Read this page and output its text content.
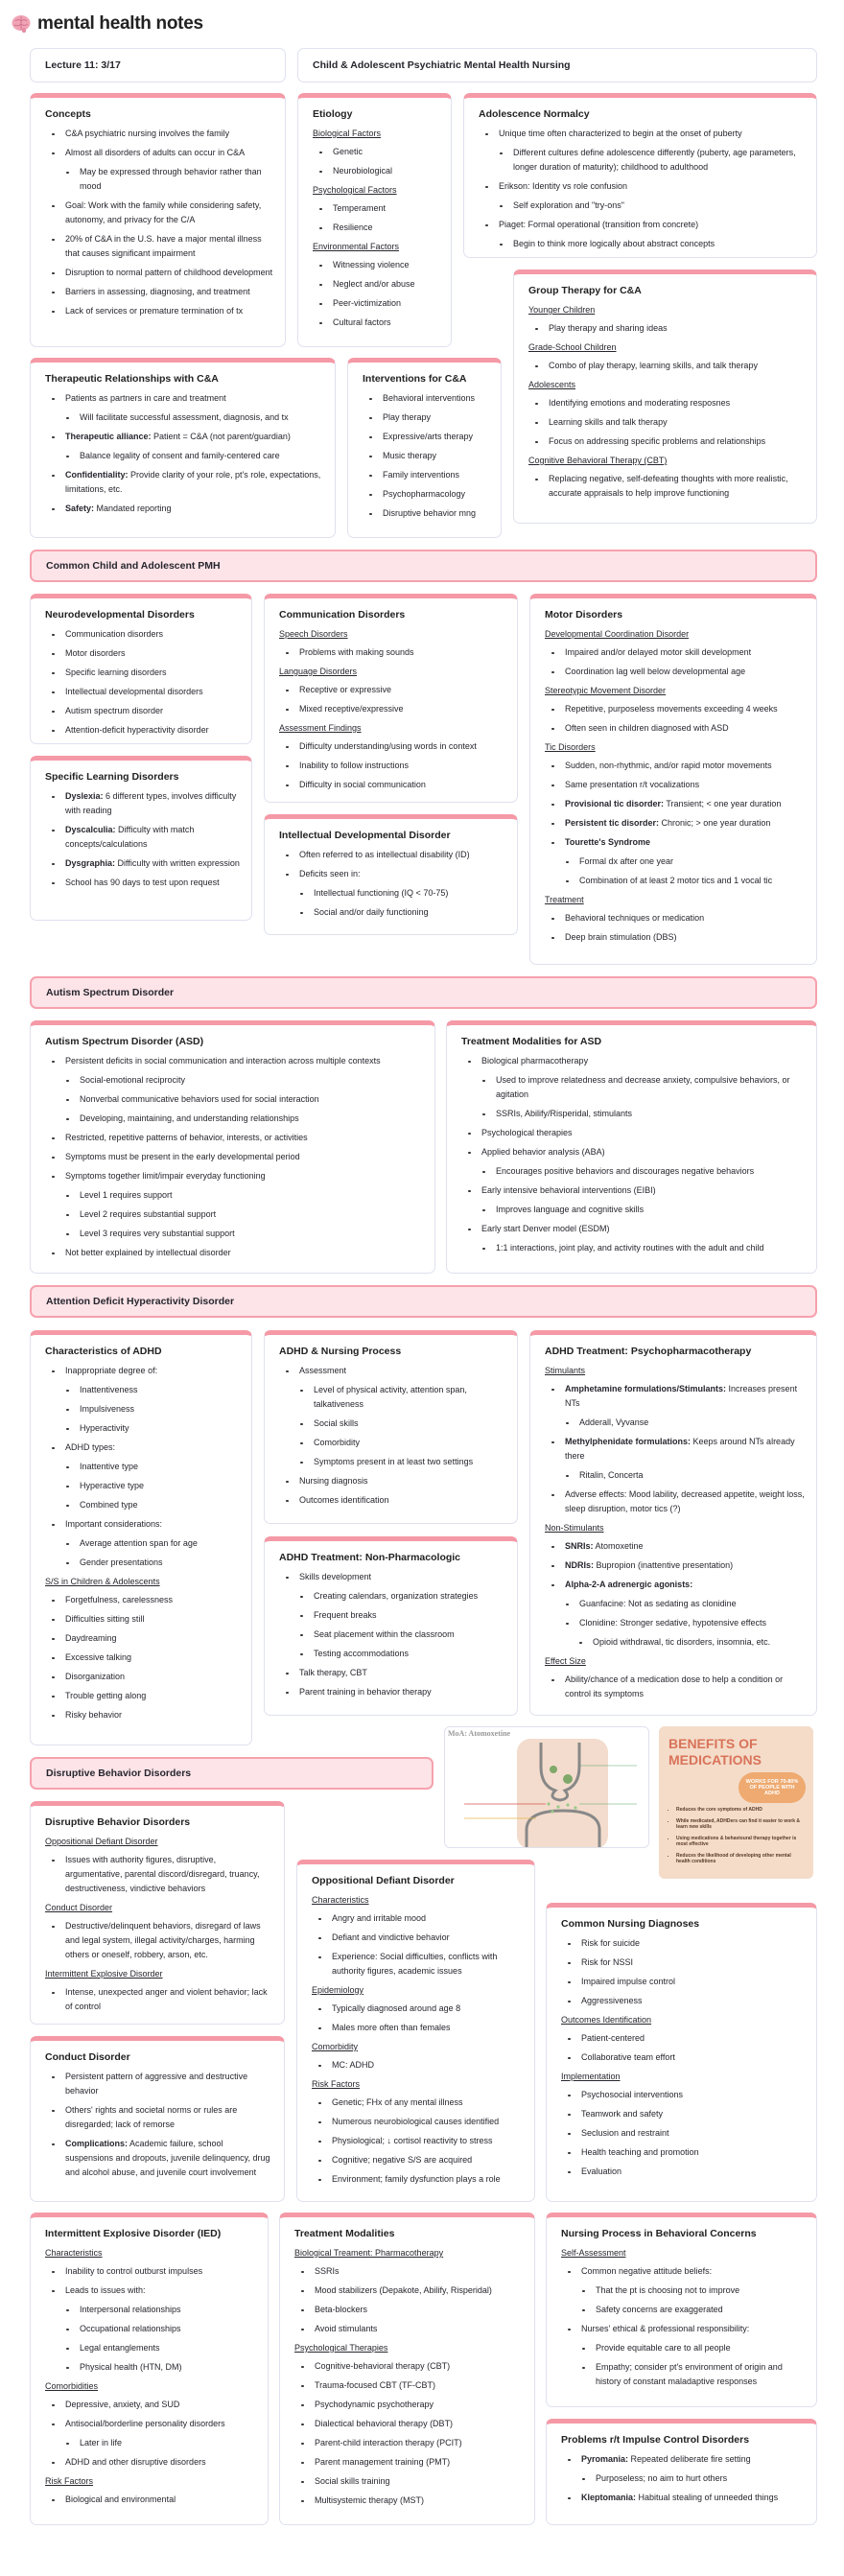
mental health notes
Lecture 11: 3/17	Child & Adolescent Psychiatric Mental Health Nursing
Common Child and Adolescent PMH
Autism Spectrum Disorder
Attention Deficit Hyperactivity Disorder
Disruptive Behavior Disorders
Concepts
C&A psychiatric nursing involves the family
Almost all disorders of adults can occur in C&A
May be expressed through behavior rather than mood
Goal: Work with the family while considering safety, autonomy, and privacy for the C/A
20% of C&A in the U.S. have a major mental illness that causes significant impairment
Disruption to normal pattern of childhood development
Barriers in assessing, diagnosing, and treatment
Lack of services or premature termination of tx
Etiology
Biological Factors
Genetic
Neurobiological
Psychological Factors
Temperament
Resilience
Environmental Factors
Witnessing violence
Neglect and/or abuse
Peer-victimization
Cultural factors
Adolescence Normalcy
Unique time often characterized to begin at the onset of puberty
Different cultures define adolescence differently (puberty, age parameters, longer duration of maturity); childhood to adulthood
Erikson: Identity vs role confusion
Self exploration and "try-ons"
Piaget: Formal operational (transition from concrete)
Begin to think more logically about abstract concepts
Group Therapy for C&A
Younger Children
Play therapy and sharing ideas
Grade-School Children
Combo of play therapy, learning skills, and talk therapy
Adolescents
Identifying emotions and moderating resposnes
Learning skills and talk therapy
Focus on addressing specific problems and relationships
Cognitive Behavioral Therapy (CBT)
Replacing negative, self-defeating thoughts with more realistic, accurate appraisals to help improve functioning
Therapeutic Relationships with C&A
Patients as partners in care and treatment
Will facilitate successful assessment, diagnosis, and tx
Therapeutic alliance: Patient = C&A (not parent/guardian)
Balance legality of consent and family-centered care
Confidentiality: Provide clarity of your role, pt's role, expectations, limitations, etc.
Safety: Mandated reporting
Interventions for C&A
Behavioral interventions
Play therapy
Expressive/arts therapy
Music therapy
Family interventions
Psychopharmacology
Disruptive behavior mng
Neurodevelopmental Disorders
Communication disorders
Motor disorders
Specific learning disorders
Intellectual developmental disorders
Autism spectrum disorder
Attention-deficit hyperactivity disorder
Specific Learning Disorders
Dyslexia: 6 different types, involves difficulty with reading
Dyscalculia: Difficulty with match concepts/calculations
Dysgraphia: Difficulty with written expression
School has 90 days to test upon request
Communication Disorders
Speech Disorders
Problems with making sounds
Language Disorders
Receptive or expressive
Mixed receptive/expressive
Assessment Findings
Difficulty understanding/using words in context
Inability to follow instructions
Difficulty in social communication
Intellectual Developmental Disorder
Often referred to as intellectual disability (ID)
Deficits seen in:
Intellectual functioning (IQ < 70-75)
Social and/or daily functioning
Motor Disorders
Developmental Coordination Disorder
Impaired and/or delayed motor skill development
Coordination lag well below developmental age
Stereotypic Movement Disorder
Repetitive, purposeless movements exceeding 4 weeks
Often seen in children diagnosed with ASD
Tic Disorders
Sudden, non-rhythmic, and/or rapid motor movements
Same presentation r/t vocalizations
Provisional tic disorder: Transient; < one year duration
Persistent tic disorder: Chronic; > one year duration
Tourette's Syndrome
Formal dx after one year
Combination of at least 2 motor tics and 1 vocal tic
Treatment
Behavioral techniques or medication
Deep brain stimulation (DBS)
Autism Spectrum Disorder (ASD)
Persistent deficits in social communication and interaction across multiple contexts
Social-emotional reciprocity
Nonverbal communicative behaviors used for social interaction
Developing, maintaining, and understanding relationships
Restricted, repetitive patterns of behavior, interests, or activities
Symptoms must be present in the early developmental period
Symptoms together limit/impair everyday functioning
Level 1 requires support
Level 2 requires substantial support
Level 3 requires very substantial support
Not better explained by intellectual disorder
Treatment Modalities for ASD
Biological pharmacotherapy
Used to improve relatedness and decrease anxiety, compulsive behaviors, or agitation
SSRIs, Abilify/Risperidal, stimulants
Psychological therapies
Applied behavior analysis (ABA)
Encourages positive behaviors and discourages negative behaviors
Early intensive behavioral interventions (EIBI)
Improves language and cognitive skills
Early start Denver model (ESDM)
1:1 interactions, joint play, and activity routines with the adult and child
Characteristics of ADHD
Inappropriate degree of:
Inattentiveness
Impulsiveness
Hyperactivity
ADHD types:
Inattentive type
Hyperactive type
Combined type
Important considerations:
Average attention span for age
Gender presentations
S/S in Children & Adolescents
Forgetfulness, carelessness
Difficulties sitting still
Daydreaming
Excessive talking
Disorganization
Trouble getting along
Risky behavior
ADHD & Nursing Process
Assessment
Level of physical activity, attention span, talkativeness
Social skills
Comorbidity
Symptoms present in at least two settings
Nursing diagnosis
Outcomes identification
ADHD Treatment: Non-Pharmacologic
Skills development
Creating calendars, organization strategies
Frequent breaks
Seat placement within the classroom
Testing accommodations
Talk therapy, CBT
Parent training in behavior therapy
ADHD Treatment: Psychopharmacotherapy
Stimulants
Amphetamine formulations/Stimulants: Increases present NTs
Adderall, Vyvanse
Methylphenidate formulations: Keeps around NTs already there
Ritalin, Concerta
Adverse effects: Mood lability, decreased appetite, weight loss, sleep disruption, motor tics (?)
Non-Stimulants
SNRIs: Atomoxetine
NDRIs: Bupropion (inattentive presentation)
Alpha-2-A adrenergic agonists:
Guanfacine: Not as sedating as clonidine
Clonidine: Stronger sedative, hypotensive effects
Opioid withdrawal, tic disorders, insomnia, etc.
Effect Size
Ability/chance of a medication dose to help a condition or control its symptoms
Disruptive Behavior Disorders
Oppositional Defiant Disorder
Issues with authority figures, disruptive, argumentative, parental discord/disregard, truancy, destructiveness, vindictive behaviors
Conduct Disorder
Destructive/delinquent behaviors, disregard of laws and legal system, illegal activity/charges, harming others or oneself, robbery, arson, etc.
Intermittent Explosive Disorder
Intense, unexpected anger and violent behavior; lack of control
Conduct Disorder
Persistent pattern of aggressive and destructive behavior
Others' rights and societal norms or rules are disregarded; lack of remorse
Complications: Academic failure, school suspensions and dropouts, juvenile delinquency, drug and alcohol abuse, and juvenile court involvement
Oppositional Defiant Disorder
Characteristics
Angry and irritable mood
Defiant and vindictive behavior
Experience: Social difficulties, conflicts with authority figures, academic issues
Epidemiology
Typically diagnosed around age 8
Males more often than females
Comorbidity
MC: ADHD
Risk Factors
Genetic; FHx of any mental illness
Numerous neurobiological causes identified
Physiological; ↓ cortisol reactivity to stress
Cognitive; negative S/S are acquired
Environment; family dysfunction plays a role
Common Nursing Diagnoses
Risk for suicide
Risk for NSSI
Impaired impulse control
Aggressiveness
Outcomes Identification
Patient-centered
Collaborative team effort
Implementation
Psychosocial interventions
Teamwork and safety
Seclusion and restraint
Health teaching and promotion
Evaluation
Intermittent Explosive Disorder (IED)
Characteristics
Inability to control outburst impulses
Leads to issues with:
Interpersonal relationships
Occupational relationships
Legal entanglements
Physical health (HTN, DM)
Comorbidities
Depressive, anxiety, and SUD
Antisocial/borderline personality disorders
Later in life
ADHD and other disruptive disorders
Risk Factors
Biological and environmental
Treatment Modalities
Biological Treament: Pharmacotherapy
SSRIs
Mood stabilizers (Depakote, Abilify, Risperidal)
Beta-blockers
Avoid stimulants
Psychological Therapies
Cognitive-behavioral therapy (CBT)
Trauma-focused CBT (TF-CBT)
Psychodynamic psychotherapy
Dialectical behavioral therapy (DBT)
Parent-child interaction therapy (PCIT)
Parent management training (PMT)
Social skills training
Multisystemic therapy (MST)
Nursing Process in Behavioral Concerns
Self-Assessment
Common negative attitude beliefs:
That the pt is choosing not to improve
Safety concerns are exaggerated
Nurses' ethical & professional responsibility:
Provide equitable care to all people
Empathy; consider pt's environment of origin and history of constant maladaptive responses
Problems r/t Impulse Control Disorders
Pyromania: Repeated deliberate fire setting
Purposeless; no aim to hurt others
Kleptomania: Habitual stealing of unneeded things
MoA: Atomoxetine
BENEFITS OF MEDICATIONS
WORKS FOR 70-80% OF PEOPLE WITH ADHD
• Reduces the core symptoms of ADHD
• While medicated, ADHDers can find it easier to work & learn new skills
• Using medications & behavioural therapy together is most effective
• Reduces the likelihood of developing other mental health conditions
